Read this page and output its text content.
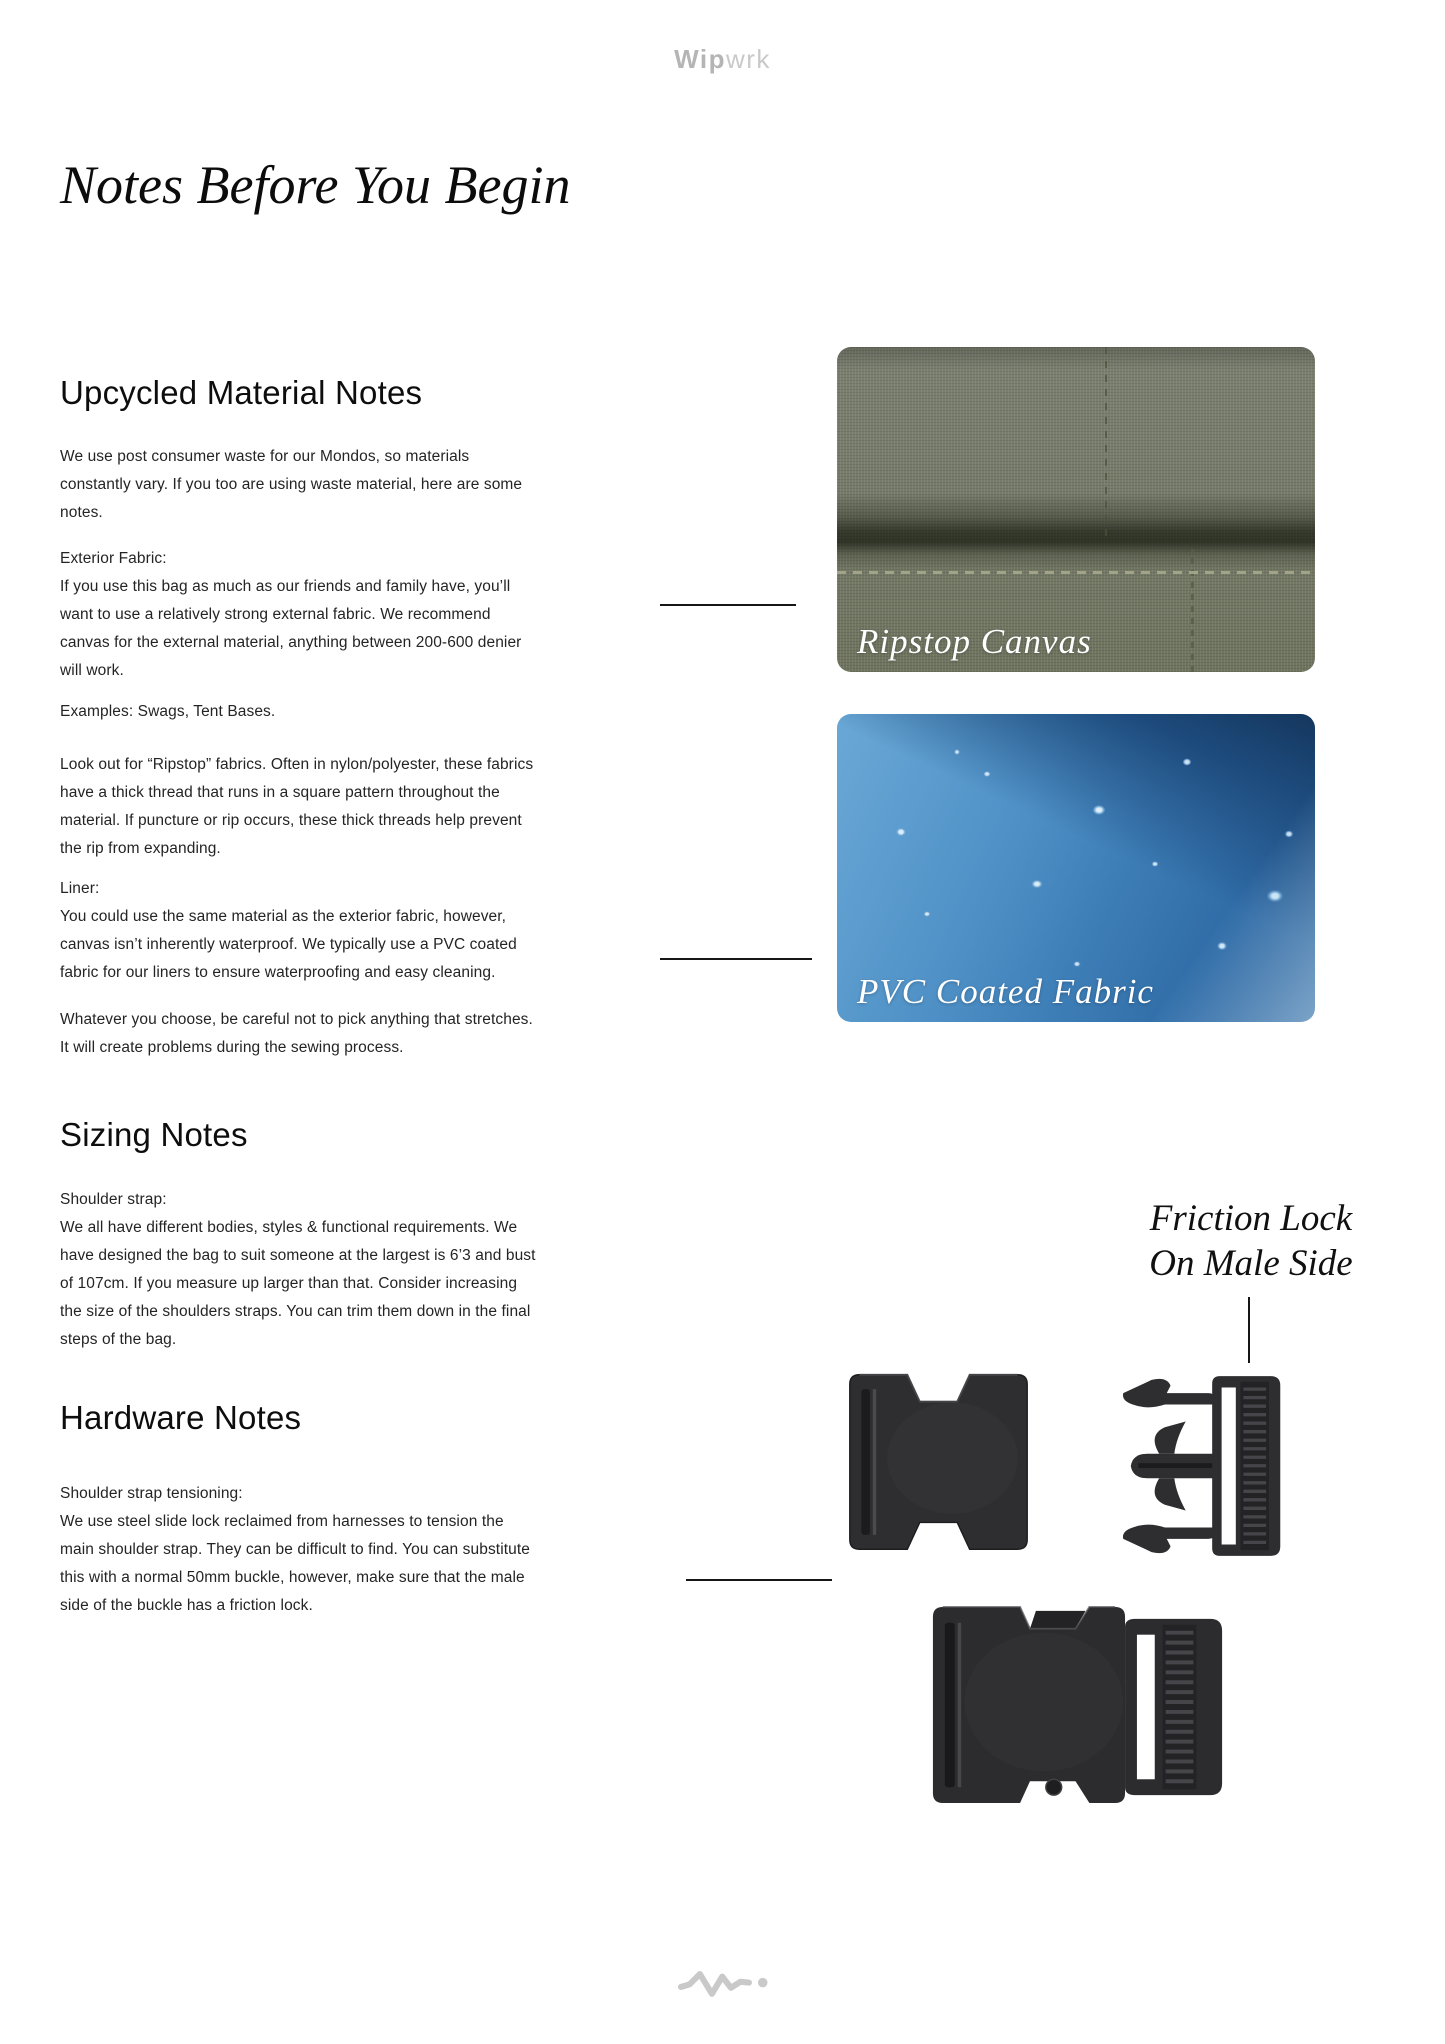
Wipwrk
Notes Before You Begin
Upcycled Material Notes

We use post consumer waste for our Mondos, so materials constantly vary. If you too are using waste material, here are some notes.

Exterior Fabric:
If you use this bag as much as our friends and family have, you’ll want to use a relatively strong external fabric. We recommend canvas for the external material, anything between 200-600 denier will work.

Examples: Swags, Tent Bases.

Look out for “Ripstop” fabrics. Often in nylon/polyester, these fabrics have a thick thread that runs in a square pattern throughout the material. If puncture or rip occurs, these thick threads help prevent the rip from expanding.

Liner:
You could use the same material as the exterior fabric, however, canvas isn’t inherently waterproof. We typically use a PVC coated fabric for our liners to ensure waterproofing and easy cleaning.

Whatever you choose, be careful not to pick anything that stretches. It will create problems during the sewing process.

Sizing Notes
Shoulder strap:
We all have different bodies, styles & functional requirements. We have designed the bag to suit someone at the largest is 6’3 and bust of 107cm. If you measure up larger than that. Consider increasing the size of the shoulders straps. You can trim them down in the final steps of the bag.
Hardware Notes
Shoulder strap tensioning:
We use steel slide lock reclaimed from harnesses to tension the main shoulder strap. They can be difficult to find. You can substitute this with a normal 50mm buckle, however, make sure that the male side of the buckle has a friction lock.
Ripstop Canvas
PVC Coated Fabric
Friction Lock
On Male Side
